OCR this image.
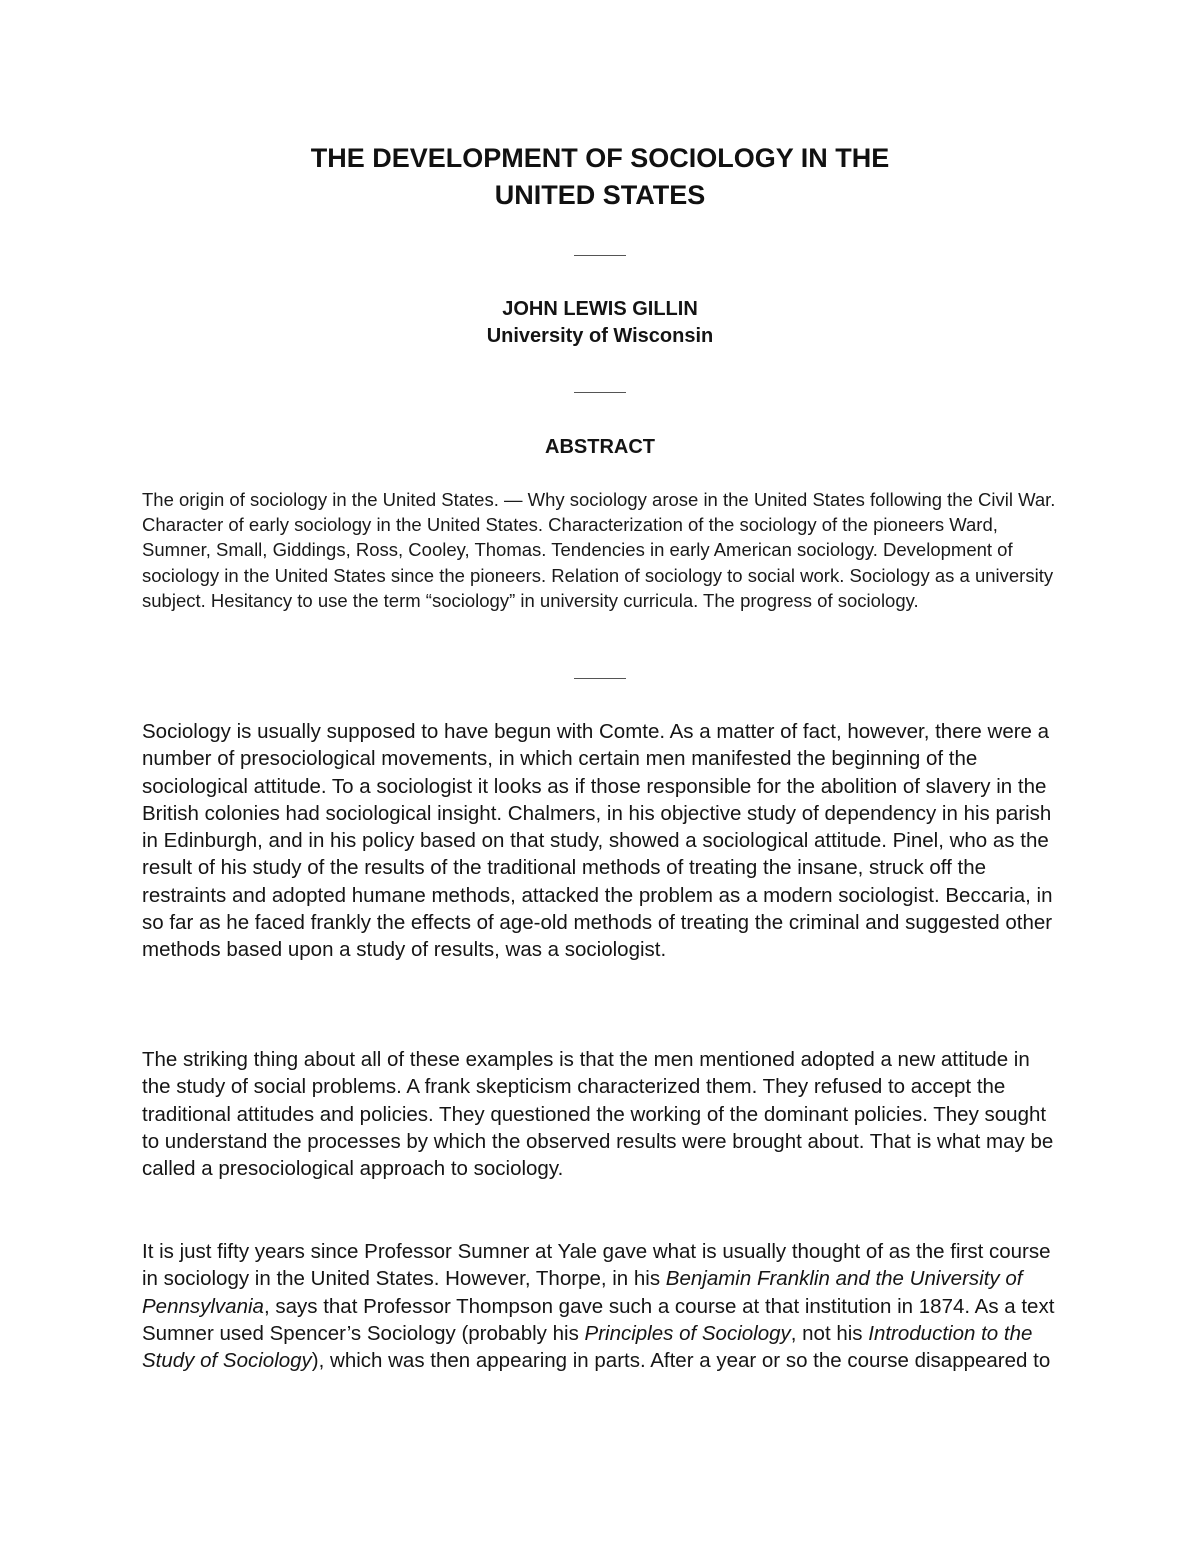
THE DEVELOPMENT OF SOCIOLOGY IN THE
UNITED STATES
JOHN LEWIS GILLIN
University of Wisconsin
ABSTRACT

The origin of sociology in the United States. — Why sociology arose in the United States following the Civil War. Character of early sociology in the United States. Characterization of the sociology of the pioneers Ward, Sumner, Small, Giddings, Ross, Cooley, Thomas. Tendencies in early American sociology. Development of sociology in the United States since the pioneers. Relation of sociology to social work. Sociology as a university subject. Hesitancy to use the term “sociology” in university curricula. The progress of sociology.

Sociology is usually supposed to have begun with Comte. As a matter of fact, however, there were a number of presociological movements, in which certain men manifested the beginning of the sociological attitude. To a sociologist it looks as if those responsible for the abolition of slavery in the British colonies had sociological insight. Chalmers, in his objective study of dependency in his parish in Edinburgh, and in his policy based on that study, showed a sociological attitude. Pinel, who as the result of his study of the results of the traditional methods of treating the insane, struck off the restraints and adopted humane methods, attacked the problem as a modern sociologist. Beccaria, in so far as he faced frankly the effects of age-old methods of treating the criminal and suggested other methods based upon a study of results, was a sociologist.

The striking thing about all of these examples is that the men mentioned adopted a new attitude in the study of social problems. A frank skepticism characterized them. They refused to accept the traditional attitudes and policies. They questioned the working of the dominant policies. They sought to understand the processes by which the observed results were brought about. That is what may be called a presociological approach to sociology.

It is just fifty years since Professor Sumner at Yale gave what is usually thought of as the first course in sociology in the United States. However, Thorpe, in his Benjamin Franklin and the University of Pennsylvania, says that Professor Thompson gave such a course at that institution in 1874. As a text Sumner used Spencer’s Sociology (probably his Principles of Sociology, not his Introduction to the Study of Sociology), which was then appearing in parts. After a year or so the course disappeared to
